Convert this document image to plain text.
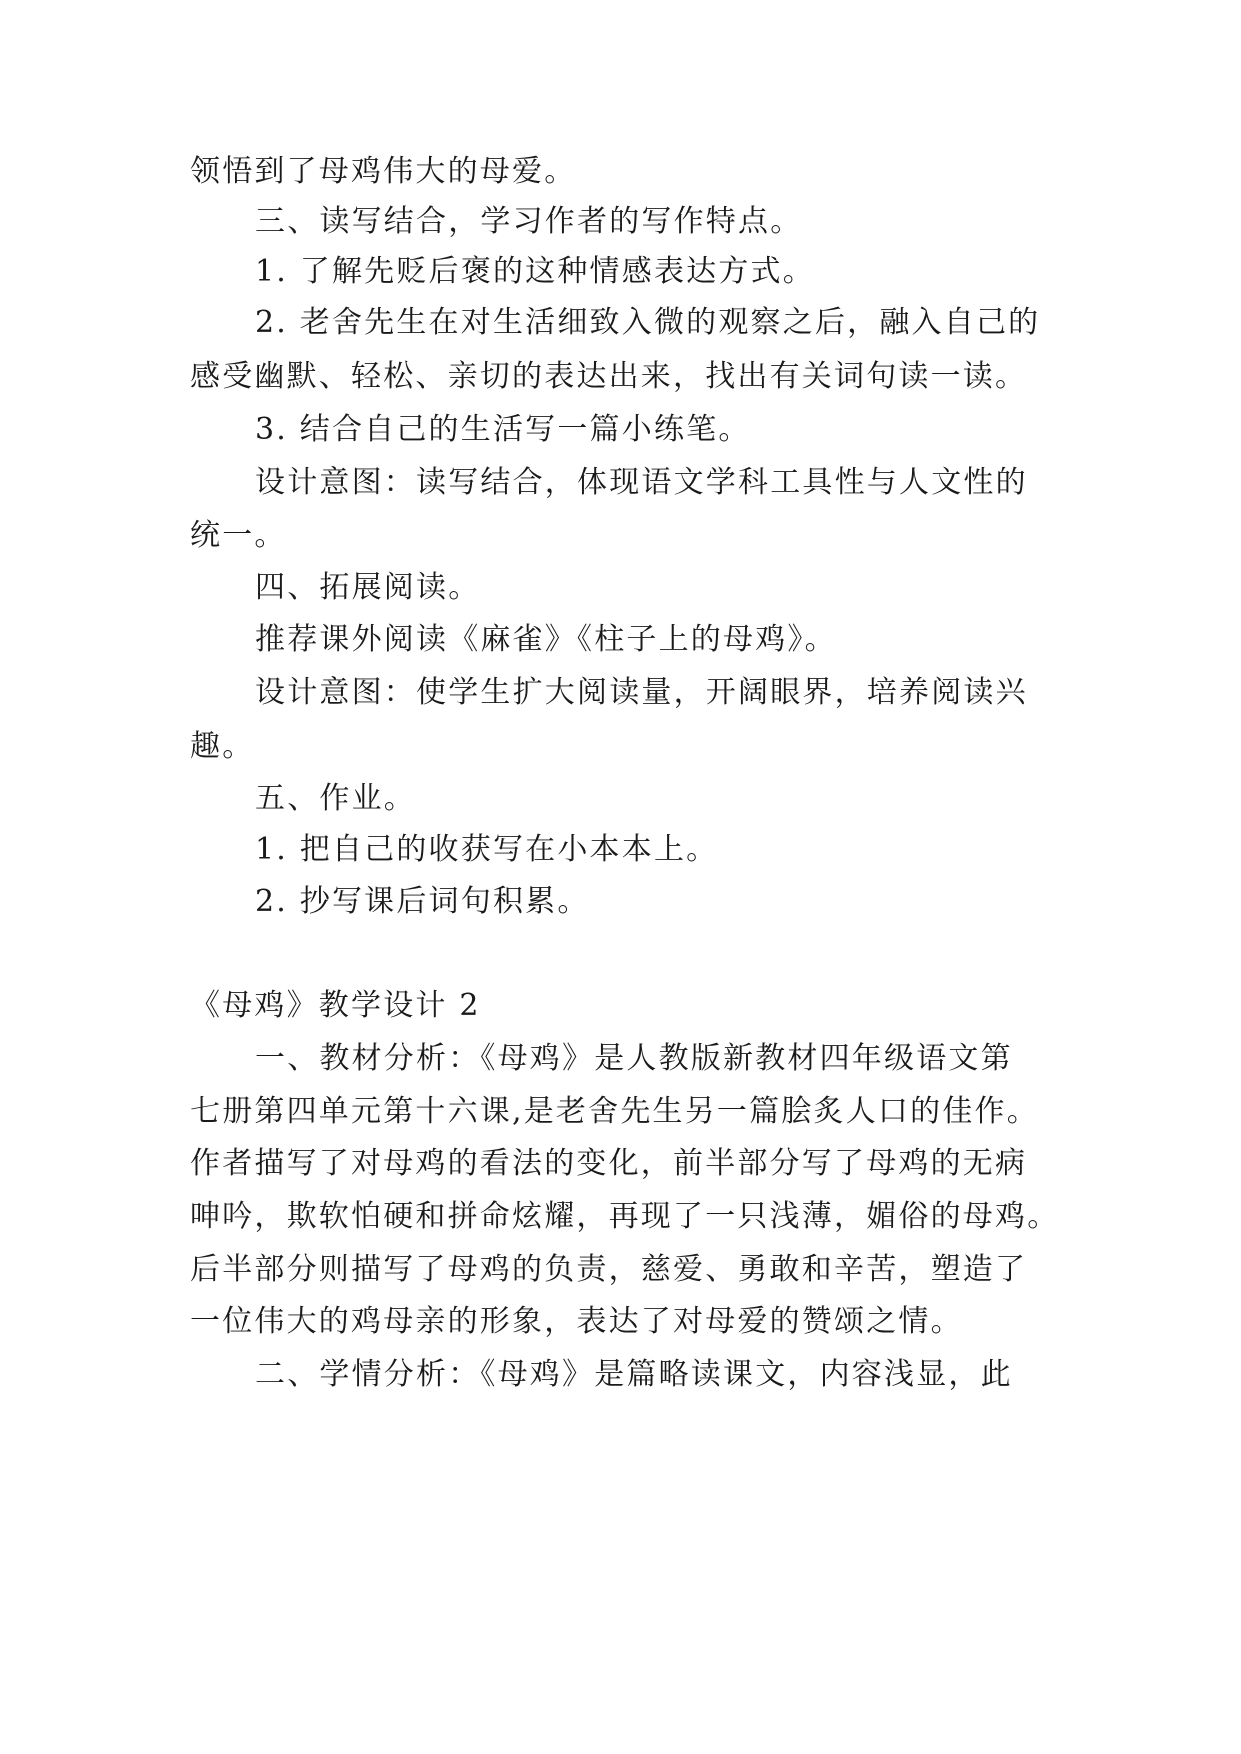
领悟到了母鸡伟大的母爱。
三、读写结合，学习作者的写作特点。
1. 了解先贬后褒的这种情感表达方式。
2. 老舍先生在对生活细致入微的观察之后，融入自己的
感受幽默、轻松、亲切的表达出来，找出有关词句读一读。
3. 结合自己的生活写一篇小练笔。
设计意图：读写结合，体现语文学科工具性与人文性的
统一。
四、拓展阅读。
推荐课外阅读《麻雀》《柱子上的母鸡》。
设计意图：使学生扩大阅读量，开阔眼界，培养阅读兴
趣。
五、作业。
1. 把自己的收获写在小本本上。
2. 抄写课后词句积累。
《母鸡》教学设计 2
一、教材分析：《母鸡》是人教版新教材四年级语文第
七册第四单元第十六课,是老舍先生另一篇脍炙人口的佳作。
作者描写了对母鸡的看法的变化，前半部分写了母鸡的无病
呻吟，欺软怕硬和拼命炫耀，再现了一只浅薄，媚俗的母鸡。
后半部分则描写了母鸡的负责，慈爱、勇敢和辛苦，塑造了
一位伟大的鸡母亲的形象，表达了对母爱的赞颂之情。
二、学情分析：《母鸡》是篇略读课文，内容浅显，此
